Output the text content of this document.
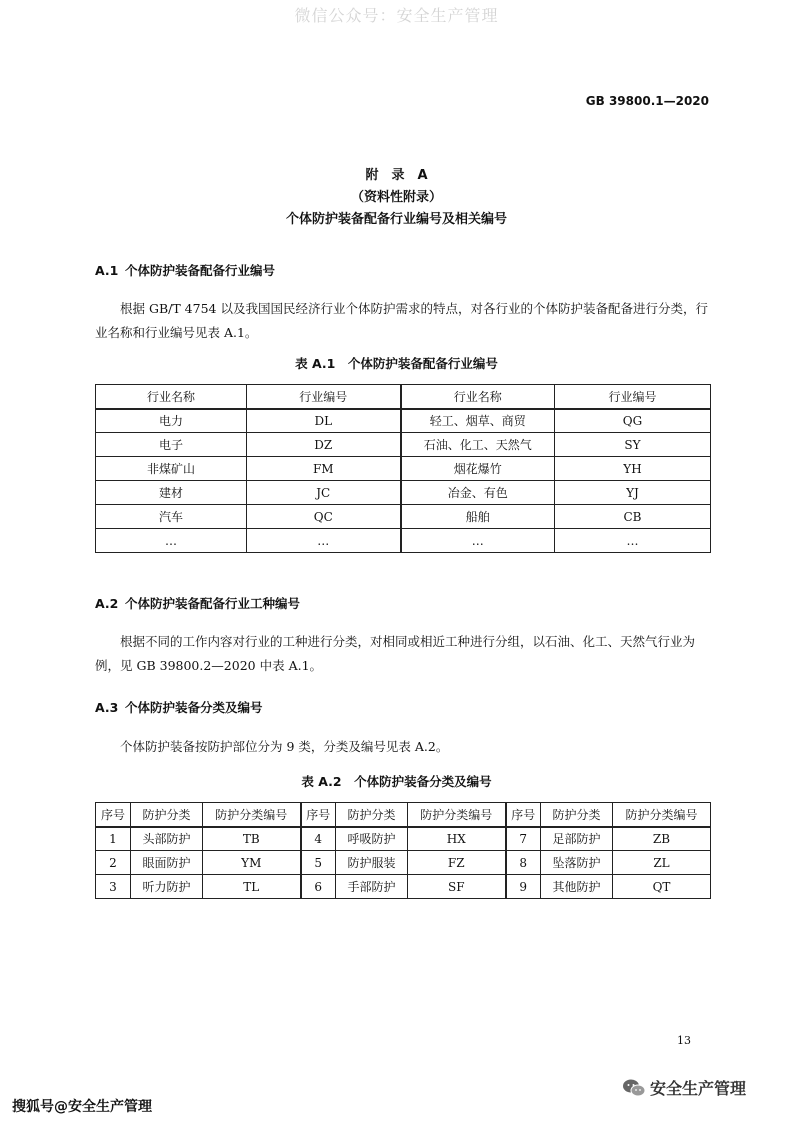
微信公众号：安全生产管理
GB 39800.1—2020
附　录　A
（资料性附录）
个体防护装备配备行业编号及相关编号
A.1 个体防护装备配备行业编号
根据 GB/T 4754 以及我国国民经济行业个体防护需求的特点，对各行业的个体防护装备配备进行分类，行业名称和行业编号见表 A.1。
表 A.1　个体防护装备配备行业编号
行业名称	行业编号	行业名称	行业编号
电力	DL	轻工、烟草、商贸	QG
电子	DZ	石油、化工、天然气	SY
非煤矿山	FM	烟花爆竹	YH
建材	JC	冶金、有色	YJ
汽车	QC	船舶	CB
…	…	…	…
A.2 个体防护装备配备行业工种编号
根据不同的工作内容对行业的工种进行分类，对相同或相近工种进行分组，以石油、化工、天然气行业为例，见 GB 39800.2—2020 中表 A.1。
A.3 个体防护装备分类及编号
个体防护装备按防护部位分为 9 类，分类及编号见表 A.2。
表 A.2　个体防护装备分类及编号
序号	防护分类	防护分类编号	序号	防护分类	防护分类编号	序号	防护分类	防护分类编号
1	头部防护	TB	4	呼吸防护	HX	7	足部防护	ZB
2	眼面防护	YM	5	防护服装	FZ	8	坠落防护	ZL
3	听力防护	TL	6	手部防护	SF	9	其他防护	QT
13
搜狐号@安全生产管理
安全生产管理
